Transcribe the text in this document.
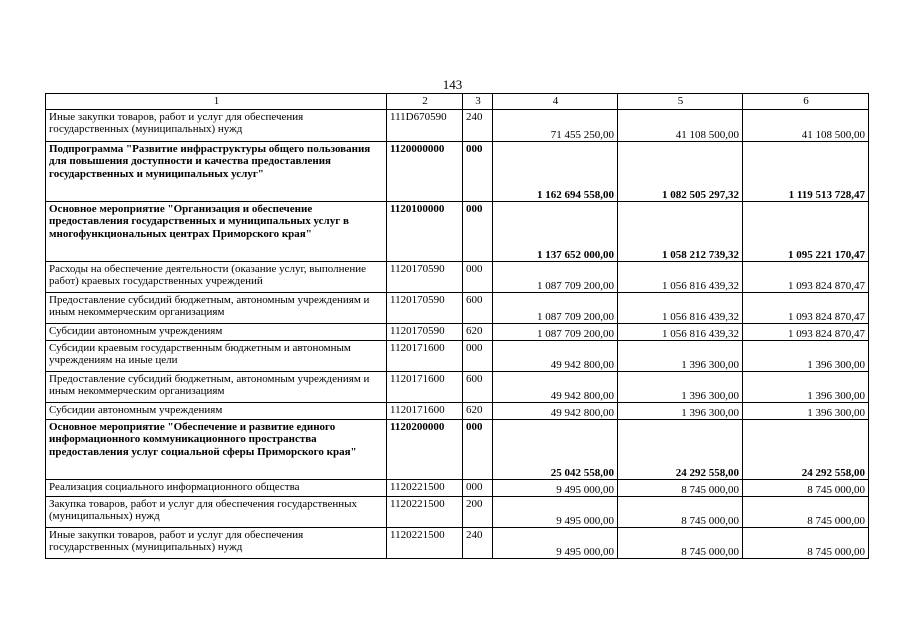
143
1	2	3	4	5	6
Иные закупки товаров, работ и услуг для обеспечения государственных (муниципальных) нужд	111D670590	240	71 455 250,00	41 108 500,00	41 108 500,00
Подпрограмма "Развитие инфраструктуры общего пользования для повышения доступности и качества предоставления государственных и муниципальных услуг"	1120000000	000	1 162 694 558,00	1 082 505 297,32	1 119 513 728,47
Основное мероприятие "Организация и обеспечение предоставления государственных и муниципальных услуг в многофункциональных центрах Приморского края"	1120100000	000	1 137 652 000,00	1 058 212 739,32	1 095 221 170,47
Расходы на обеспечение деятельности (оказание услуг, выполнение работ) краевых государственных учреждений	1120170590	000	1 087 709 200,00	1 056 816 439,32	1 093 824 870,47
Предоставление субсидий бюджетным, автономным учреждениям и иным некоммерческим организациям	1120170590	600	1 087 709 200,00	1 056 816 439,32	1 093 824 870,47
Субсидии автономным учреждениям	1120170590	620	1 087 709 200,00	1 056 816 439,32	1 093 824 870,47
Субсидии краевым государственным бюджетным и автономным учреждениям на иные цели	1120171600	000	49 942 800,00	1 396 300,00	1 396 300,00
Предоставление субсидий бюджетным, автономным учреждениям и иным некоммерческим организациям	1120171600	600	49 942 800,00	1 396 300,00	1 396 300,00
Субсидии автономным учреждениям	1120171600	620	49 942 800,00	1 396 300,00	1 396 300,00
Основное мероприятие "Обеспечение и развитие единого информационного коммуникационного пространства предоставления услуг социальной сферы Приморского края"	1120200000	000	25 042 558,00	24 292 558,00	24 292 558,00
Реализация социального информационного общества	1120221500	000	9 495 000,00	8 745 000,00	8 745 000,00
Закупка товаров, работ и услуг для обеспечения государственных (муниципальных) нужд	1120221500	200	9 495 000,00	8 745 000,00	8 745 000,00
Иные закупки товаров, работ и услуг для обеспечения государственных (муниципальных) нужд	1120221500	240	9 495 000,00	8 745 000,00	8 745 000,00
